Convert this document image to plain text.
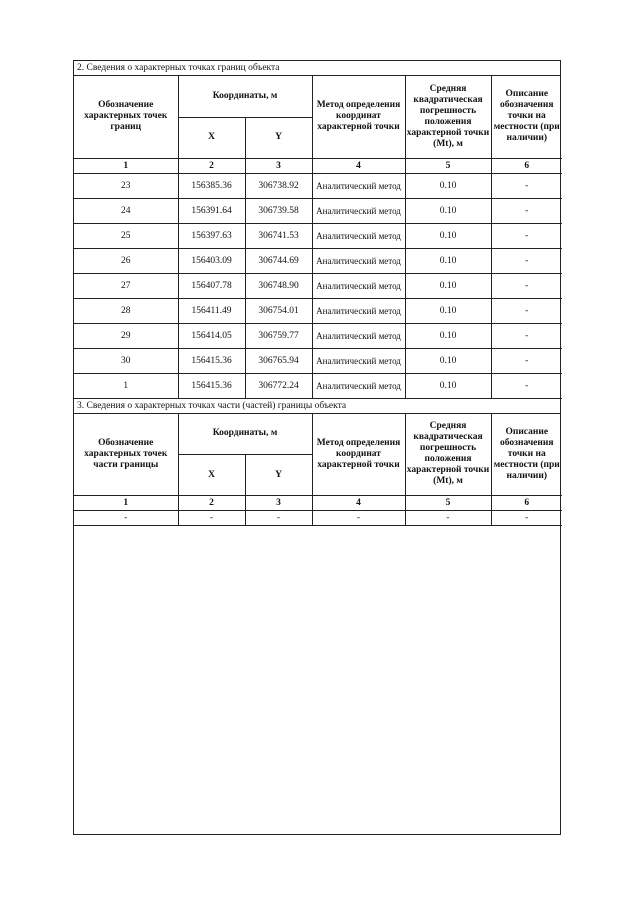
2. Сведения о характерных точках границ объекта
Обозначение характерных точек границ	Координаты, м		Метод определения координат характерной точки	Средняя квадратическая погрешность положения характерной точки (Mt), м	Описание обозначения точки на местности (при наличии)
	X	Y			
1	2	3	4	5	6
23	156385.36	306738.92	Аналитический метод	0.10	-
24	156391.64	306739.58	Аналитический метод	0.10	-
25	156397.63	306741.53	Аналитический метод	0.10	-
26	156403.09	306744.69	Аналитический метод	0.10	-
27	156407.78	306748.90	Аналитический метод	0.10	-
28	156411.49	306754.01	Аналитический метод	0.10	-
29	156414.05	306759.77	Аналитический метод	0.10	-
30	156415.36	306765.94	Аналитический метод	0.10	-
1	156415.36	306772.24	Аналитический метод	0.10	-
3. Сведения о характерных точках части (частей) границы объекта
Обозначение характерных точек части границы	Координаты, м		Метод определения координат характерной точки	Средняя квадратическая погрешность положения характерной точки (Mt), м	Описание обозначения точки на местности (при наличии)
	X	Y			
1	2	3	4	5	6
-	-	-	-	-	-
